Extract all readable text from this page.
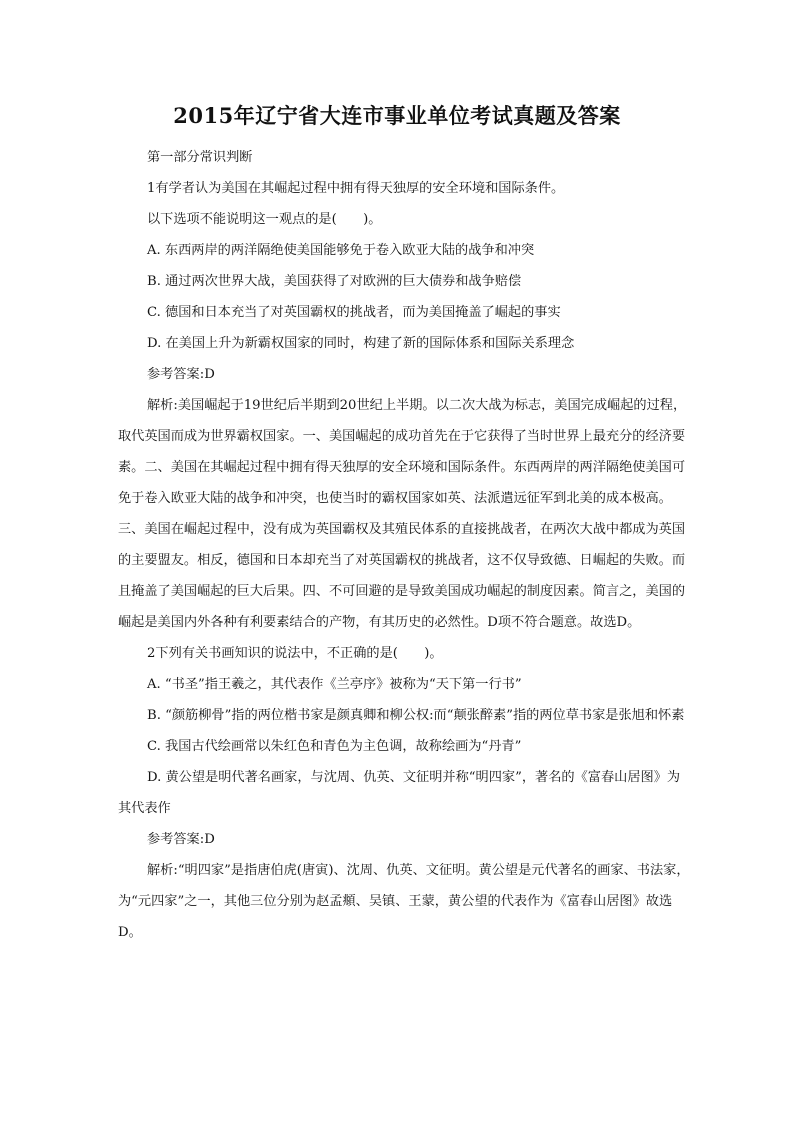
2015年辽宁省大连市事业单位考试真题及答案

第一部分常识判断

1有学者认为美国在其崛起过程中拥有得天独厚的安全环境和国际条件。

以下选项不能说明这一观点的是(　　)。

A. 东西两岸的两洋隔绝使美国能够免于卷入欧亚大陆的战争和冲突

B. 通过两次世界大战，美国获得了对欧洲的巨大债券和战争赔偿

C. 德国和日本充当了对英国霸权的挑战者，而为美国掩盖了崛起的事实

D. 在美国上升为新霸权国家的同时，构建了新的国际体系和国际关系理念

参考答案:D

解析:美国崛起于19世纪后半期到20世纪上半期。以二次大战为标志，美国完成崛起的过程，取代英国而成为世界霸权国家。一、美国崛起的成功首先在于它获得了当时世界上最充分的经济要素。二、美国在其崛起过程中拥有得天独厚的安全环境和国际条件。东西两岸的两洋隔绝使美国可免于卷入欧亚大陆的战争和冲突，也使当时的霸权国家如英、法派遣远征军到北美的成本极高。三、美国在崛起过程中，没有成为英国霸权及其殖民体系的直接挑战者，在两次大战中都成为英国的主要盟友。相反，德国和日本却充当了对英国霸权的挑战者，这不仅导致德、日崛起的失败。而且掩盖了美国崛起的巨大后果。四、不可回避的是导致美国成功崛起的制度因素。简言之，美国的崛起是美国内外各种有利要素结合的产物，有其历史的必然性。D项不符合题意。故选D。

2下列有关书画知识的说法中，不正确的是(　　)。

A. “书圣”指王羲之，其代表作《兰亭序》被称为“天下第一行书”

B. “颜筋柳骨”指的两位楷书家是颜真卿和柳公权:而“颠张醉素”指的两位草书家是张旭和怀素

C. 我国古代绘画常以朱红色和青色为主色调，故称绘画为“丹青”

D. 黄公望是明代著名画家，与沈周、仇英、文征明并称“明四家”，著名的《富春山居图》为其代表作

参考答案:D

解析:“明四家”是指唐伯虎(唐寅)、沈周、仇英、文征明。黄公望是元代著名的画家、书法家，为“元四家”之一，其他三位分别为赵孟頫、吴镇、王蒙，黄公望的代表作为《富春山居图》故选D。
